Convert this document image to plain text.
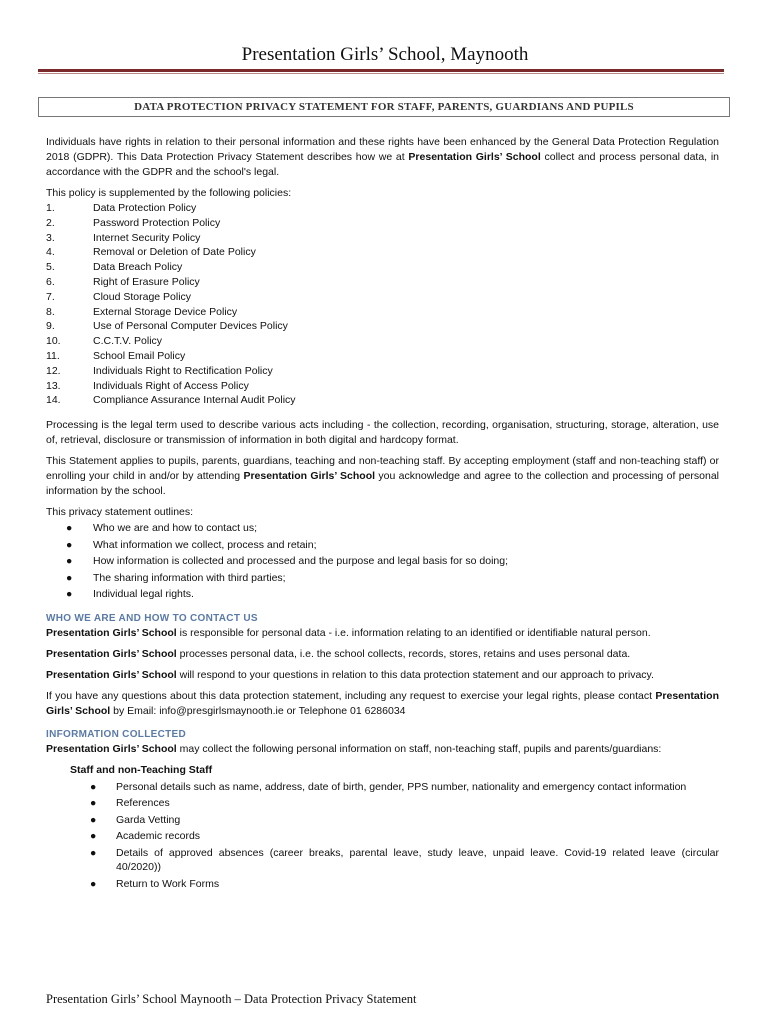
Presentation Girls’ School, Maynooth
DATA PROTECTION PRIVACY STATEMENT FOR STAFF, PARENTS, GUARDIANS AND PUPILS

Individuals have rights in relation to their personal information and these rights have been enhanced by the General Data Protection Regulation 2018 (GDPR). This Data Protection Privacy Statement describes how we at Presentation Girls’ School collect and process personal data, in accordance with the GDPR and the school's legal.

This policy is supplemented by the following policies:

1.	Data Protection Policy
2.	Password Protection Policy
3.	Internet Security Policy
4.	Removal or Deletion of Date Policy
5.	Data Breach Policy
6.	Right of Erasure Policy
7.	Cloud Storage Policy
8.	External Storage Device Policy
9.	Use of Personal Computer Devices Policy
10.	C.C.T.V. Policy
11.	School Email Policy
12.	Individuals Right to Rectification Policy
13.	Individuals Right of Access Policy
14.	Compliance Assurance Internal Audit Policy

Processing is the legal term used to describe various acts including - the collection, recording, organisation, structuring, storage, alteration, use of, retrieval, disclosure or transmission of information in both digital and hardcopy format.

This Statement applies to pupils, parents, guardians, teaching and non-teaching staff. By accepting employment (staff and non-teaching staff) or enrolling your child in and/or by attending Presentation Girls’ School you acknowledge and agree to the collection and processing of personal information by the school.

This privacy statement outlines:

●	Who we are and how to contact us;
●	What information we collect, process and retain;
●	How information is collected and processed and the purpose and legal basis for so doing;
●	The sharing information with third parties;
●	Individual legal rights.
WHO WE ARE AND HOW TO CONTACT US

Presentation Girls’ School is responsible for personal data - i.e. information relating to an identified or identifiable natural person.

Presentation Girls’ School processes personal data, i.e. the school collects, records, stores, retains and uses personal data.

Presentation Girls’ School will respond to your questions in relation to this data protection statement and our approach to privacy.

If you have any questions about this data protection statement, including any request to exercise your legal rights, please contact Presentation Girls’ School by Email: info@presgirlsmaynooth.ie or Telephone 01 6286034

INFORMATION COLLECTED

Presentation Girls’ School may collect the following personal information on staff, non-teaching staff, pupils and parents/guardians:

Staff and non-Teaching Staff
●	Personal details such as name, address, date of birth, gender, PPS number, nationality and emergency contact information
●	References
●	Garda Vetting
●	Academic records
●	Details of approved absences (career breaks, parental leave, study leave, unpaid leave. Covid-19 related leave (circular 40/2020))
●	Return to Work Forms
Presentation Girls’ School Maynooth – Data Protection Privacy Statement
